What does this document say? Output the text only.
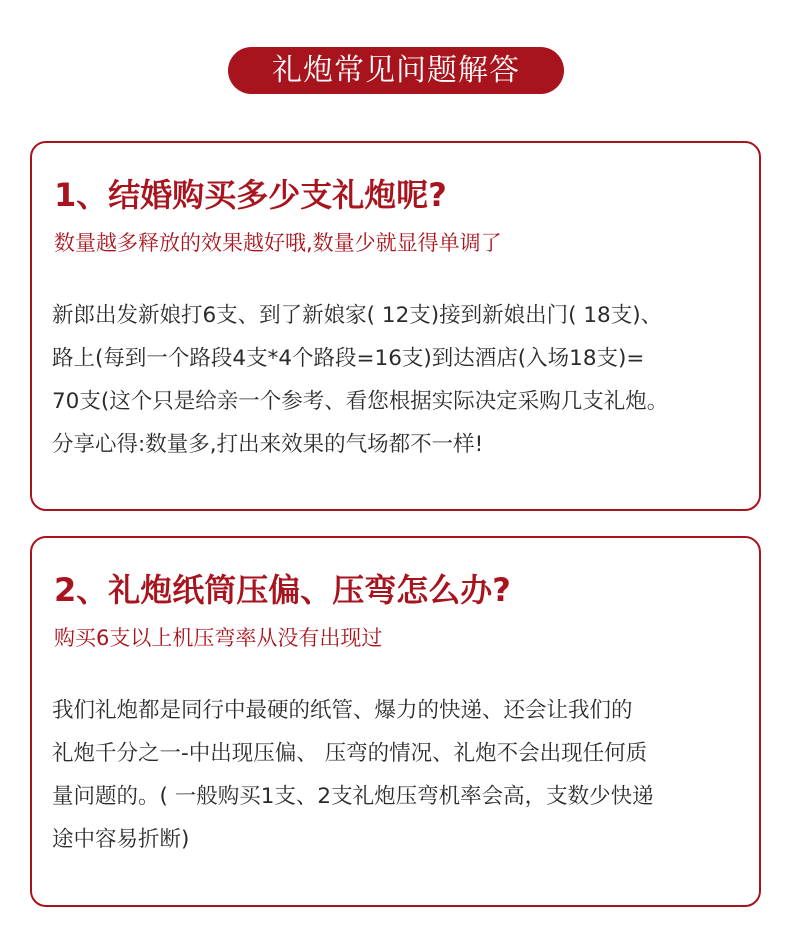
礼炮常见问题解答
1、结婚购买多少支礼炮呢?
数量越多释放的效果越好哦,数量少就显得单调了
新郎出发新娘打6支、到了新娘家( 12支)接到新娘出门( 18支)、
路上(每到一个路段4支*4个路段=16支)到达酒店(入场18支)=
70支(这个只是给亲一个参考、看您根据实际决定采购几支礼炮。
分享心得:数量多,打出来效果的气场都不一样!
2、礼炮纸筒压偏、压弯怎么办?
购买6支以上机压弯率从没有出现过
我们礼炮都是同行中最硬的纸管、爆力的快递、还会让我们的
礼炮千分之一-中出现压偏、 压弯的情况、礼炮不会出现任何质
量问题的。( 一般购买1支、2支礼炮压弯机率会高，支数少快递
途中容易折断)
